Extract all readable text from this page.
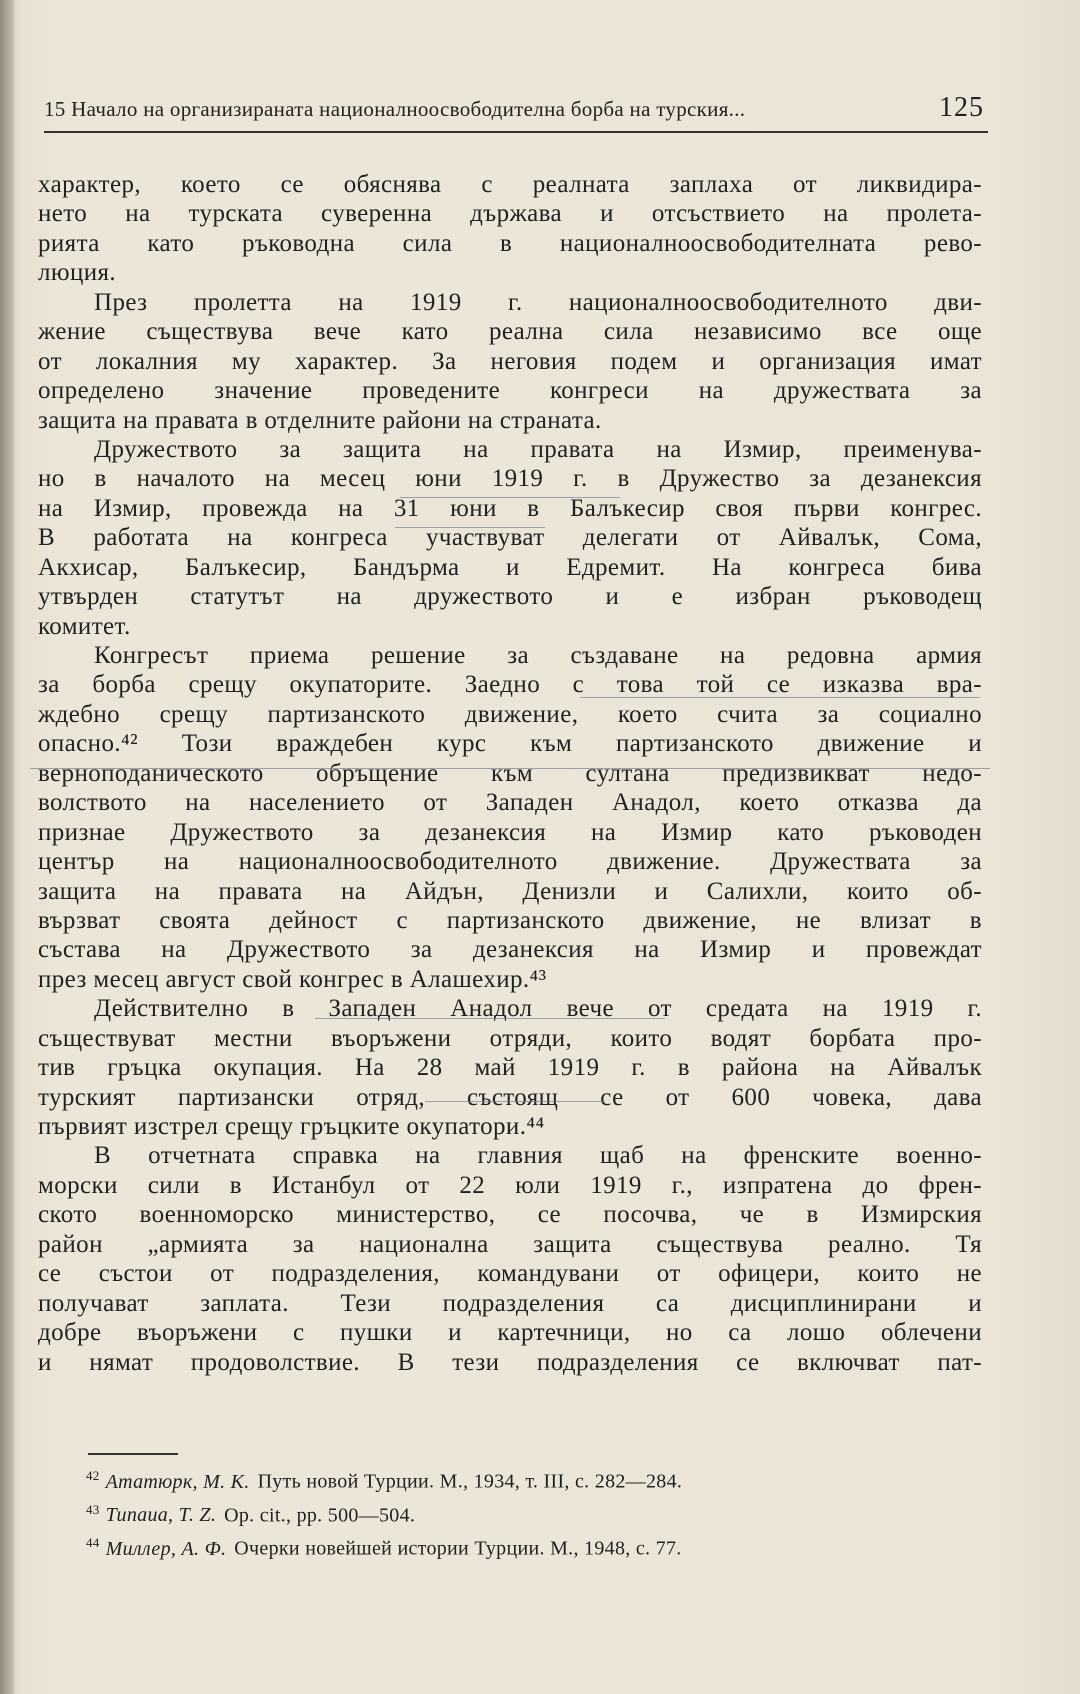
15 Начало на организираната националноосвободителна борба на турския...	125
характер, което се обяснява с реалната заплаха от ликвидира-
нето на турската суверенна държава и отсъствието на пролета-
рията като ръководна сила в националноосвободителната рево-
люция.
През пролетта на 1919 г. националноосвободителното дви-
жение съществува вече като реална сила независимо все още
от локалния му характер. За неговия подем и организация имат
определено значение проведените конгреси на дружествата за
защита на правата в отделните райони на страната.
Дружеството за защита на правата на Измир, преименува-
но в началото на месец юни 1919 г. в Дружество за дезанексия
на Измир, провежда на 31 юни в Балъкесир своя първи конгрес.
В работата на конгреса участвуват делегати от Айвалък, Сома,
Акхисар, Балъкесир, Бандърма и Едремит. На конгреса бива
утвърден статутът на дружеството и е избран ръководещ
комитет.
Конгресът приема решение за създаване на редовна армия
за борба срещу окупаторите. Заедно с това той се изказва вра-
ждебно срещу партизанското движение, което счита за социално
опасно.⁴² Този враждебен курс към партизанското движение и
верноподаническото обръщение към султана предизвикват недо-
волството на населението от Западен Анадол, което отказва да
признае Дружеството за дезанексия на Измир като ръководен
център на националноосвободителното движение. Дружествата за
защита на правата на Айдън, Денизли и Салихли, които об-
вързват своята дейност с партизанското движение, не влизат в
състава на Дружеството за дезанексия на Измир и провеждат
през месец август свой конгрес в Алашехир.⁴³
Действително в Западен Анадол вече от средата на 1919 г.
съществуват местни въоръжени отряди, които водят борбата про-
тив гръцка окупация. На 28 май 1919 г. в района на Айвалък
турският партизански отряд, състоящ се от 600 човека, дава
първият изстрел срещу гръцките окупатори.⁴⁴
В отчетната справка на главния щаб на френските военно-
морски сили в Истанбул от 22 юли 1919 г., изпратена до френ-
ското военноморско министерство, се посочва, че в Измирския
район „армията за национална защита съществува реално. Тя
се състои от подразделения, командувани от офицери, които не
получават заплата. Тези подразделения са дисциплинирани и
добре въоръжени с пушки и картечници, но са лошо облечени
и нямат продоволствие. В тези подразделения се включват пат-
$^{42}$ Ататюрк, М. К. Путь новой Турции. М., 1934, т. III, с. 282—284.
$^{43}$ Типаua, Т. Z. Op. cit., pp. 500—504.
$^{44}$ Миллер, А. Ф. Очерки новейшей истории Турции. М., 1948, с. 77.
